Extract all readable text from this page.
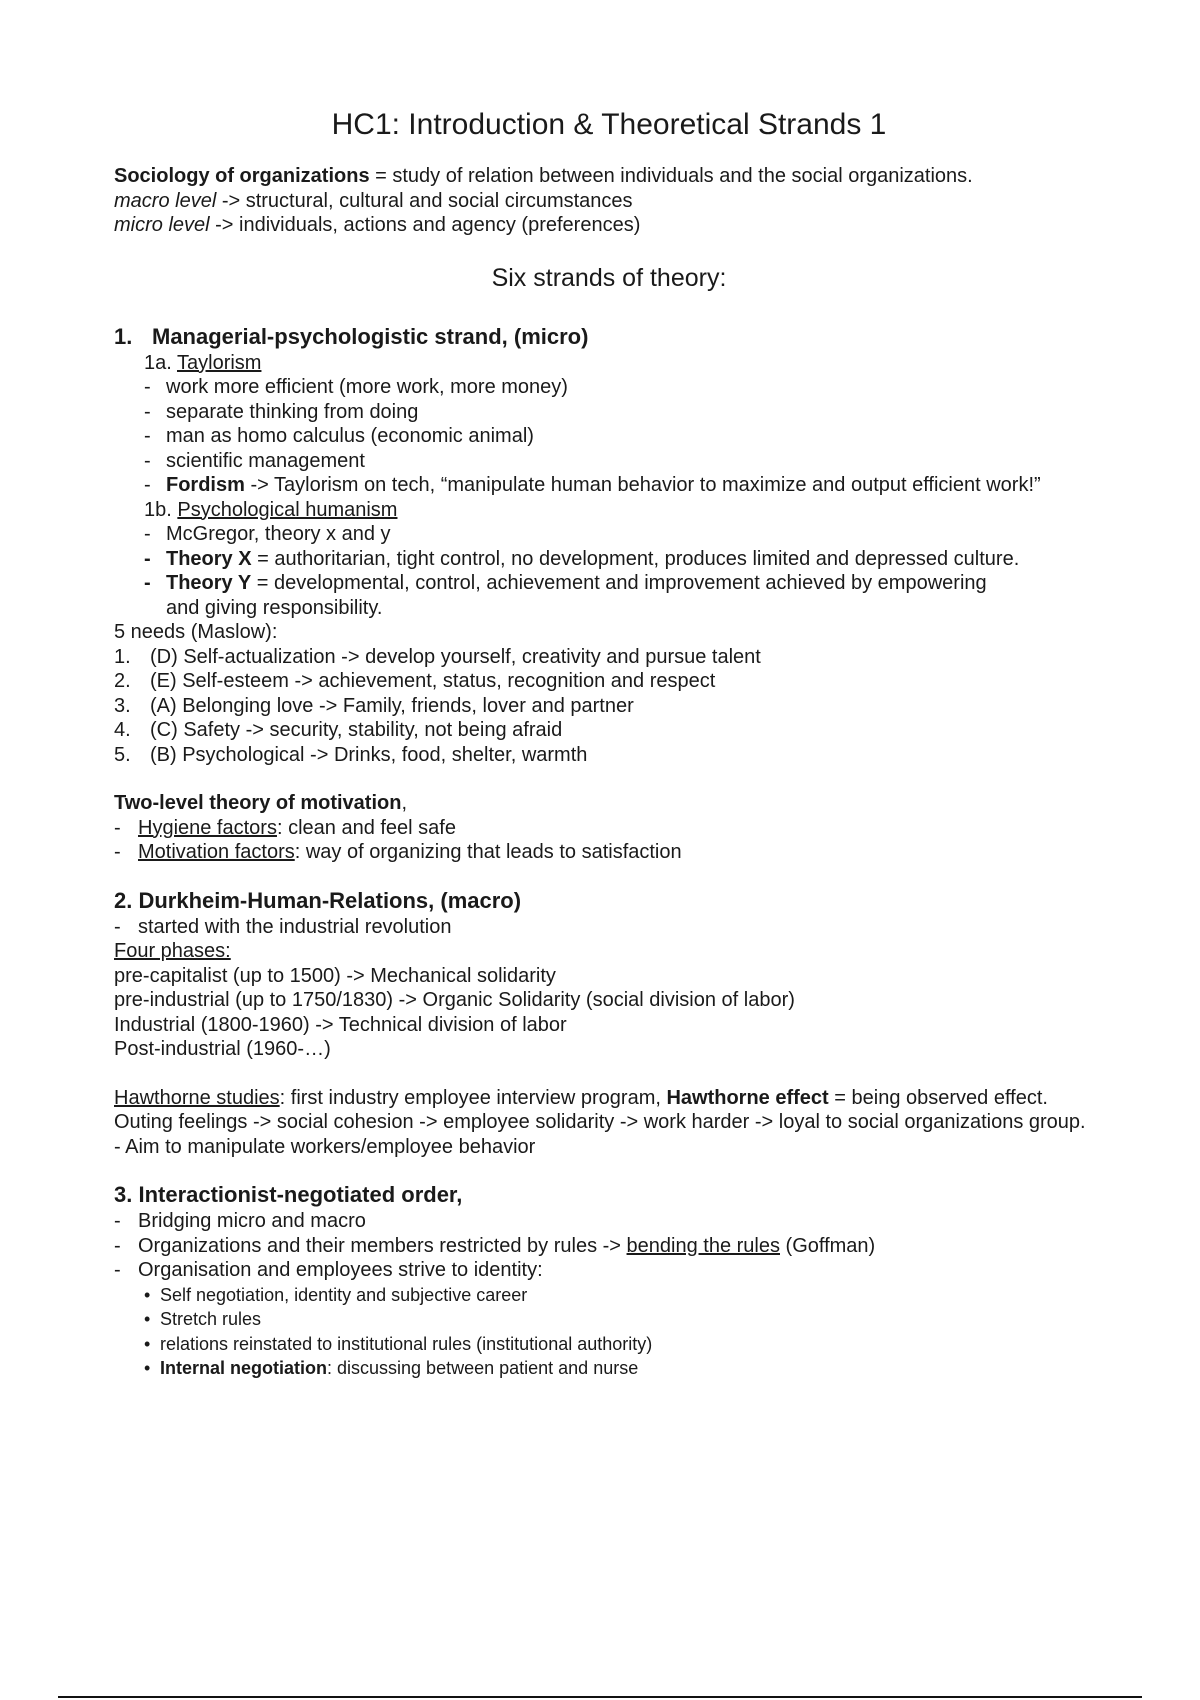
HC1: Introduction & Theoretical Strands 1

Sociology of organizations = study of relation between individuals and the social organizations.

macro level -> structural, cultural and social circumstances

micro level -> individuals, actions and agency (preferences)

Six strands of theory:
1. Managerial-psychologistic strand, (micro)

1a. Taylorism

- work more efficient (more work, more money)

- separate thinking from doing

- man as homo calculus (economic animal)

- scientific management

- Fordism -> Taylorism on tech, “manipulate human behavior to maximize and output efficient work!”

1b. Psychological humanism

- McGregor, theory x and y

- Theory X = authoritarian, tight control, no development, produces limited and depressed culture.

- Theory Y = developmental, control, achievement and improvement achieved by empowering and giving responsibility.

5 needs (Maslow):

1. (D) Self-actualization -> develop yourself, creativity and pursue talent

2. (E) Self-esteem -> achievement, status, recognition and respect

3. (A) Belonging love -> Family, friends, lover and partner

4. (C) Safety -> security, stability, not being afraid

5. (B) Psychological -> Drinks, food, shelter, warmth

Two-level theory of motivation,

- Hygiene factors: clean and feel safe

- Motivation factors: way of organizing that leads to satisfaction

2. Durkheim-Human-Relations, (macro)

- started with the industrial revolution

Four phases:

pre-capitalist (up to 1500) -> Mechanical solidarity

pre-industrial (up to 1750/1830) -> Organic Solidarity (social division of labor)

Industrial (1800-1960) -> Technical division of labor

Post-industrial (1960-…)

Hawthorne studies: first industry employee interview program, Hawthorne effect = being observed effect. Outing feelings -> social cohesion -> employee solidarity -> work harder -> loyal to social organizations group.

- Aim to manipulate workers/employee behavior

3. Interactionist-negotiated order,

- Bridging micro and macro

- Organizations and their members restricted by rules -> bending the rules (Goffman)

- Organisation and employees strive to identity:

• Self negotiation, identity and subjective career

• Stretch rules

• relations reinstated to institutional rules (institutional authority)

• Internal negotiation: discussing between patient and nurse
